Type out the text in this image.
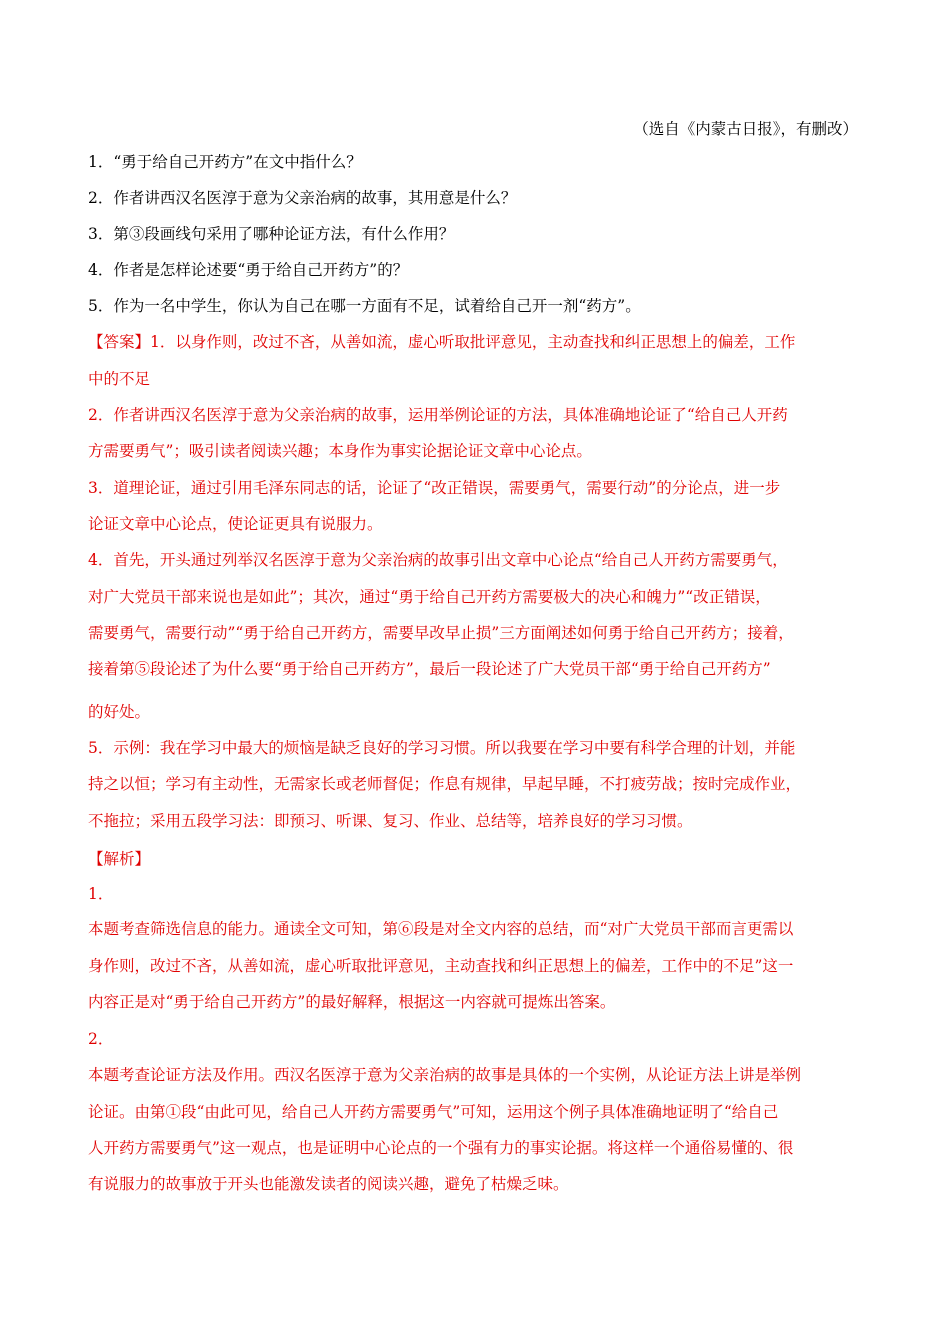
（选自《内蒙古日报》，有删改）
1．“勇于给自己开药方”在文中指什么？
2．作者讲西汉名医淳于意为父亲治病的故事，其用意是什么？
3．第③段画线句采用了哪种论证方法，有什么作用？
4．作者是怎样论述要“勇于给自己开药方”的？
5．作为一名中学生，你认为自己在哪一方面有不足，试着给自己开一剂“药方”。
【答案】1．以身作则，改过不吝，从善如流，虚心听取批评意见，主动查找和纠正思想上的偏差，工作
中的不足
2．作者讲西汉名医淳于意为父亲治病的故事，运用举例论证的方法，具体准确地论证了“给自己人开药
方需要勇气”；吸引读者阅读兴趣；本身作为事实论据论证文章中心论点。
3．道理论证，通过引用毛泽东同志的话，论证了“改正错误，需要勇气，需要行动”的分论点，进一步
论证文章中心论点，使论证更具有说服力。
4．首先，开头通过列举汉名医淳于意为父亲治病的故事引出文章中心论点“给自己人开药方需要勇气，
对广大党员干部来说也是如此”；其次，通过“勇于给自己开药方需要极大的决心和魄力”“改正错误，
需要勇气，需要行动”“勇于给自己开药方，需要早改早止损”三方面阐述如何勇于给自己开药方；接着，
接着第⑤段论述了为什么要“勇于给自己开药方”，最后一段论述了广大党员干部“勇于给自己开药方”
的好处。
5．示例：我在学习中最大的烦恼是缺乏良好的学习习惯。所以我要在学习中要有科学合理的计划，并能
持之以恒；学习有主动性，无需家长或老师督促；作息有规律，早起早睡，不打疲劳战；按时完成作业，
不拖拉；采用五段学习法：即预习、听课、复习、作业、总结等，培养良好的学习习惯。
【解析】
1．
本题考查筛选信息的能力。通读全文可知，第⑥段是对全文内容的总结，而“对广大党员干部而言更需以
身作则，改过不吝，从善如流，虚心听取批评意见，主动查找和纠正思想上的偏差，工作中的不足”这一
内容正是对“勇于给自己开药方”的最好解释，根据这一内容就可提炼出答案。
2．
本题考查论证方法及作用。西汉名医淳于意为父亲治病的故事是具体的一个实例，从论证方法上讲是举例
论证。由第①段“由此可见，给自己人开药方需要勇气”可知，运用这个例子具体准确地证明了“给自己
人开药方需要勇气”这一观点，也是证明中心论点的一个强有力的事实论据。将这样一个通俗易懂的、很
有说服力的故事放于开头也能激发读者的阅读兴趣，避免了枯燥乏味。
